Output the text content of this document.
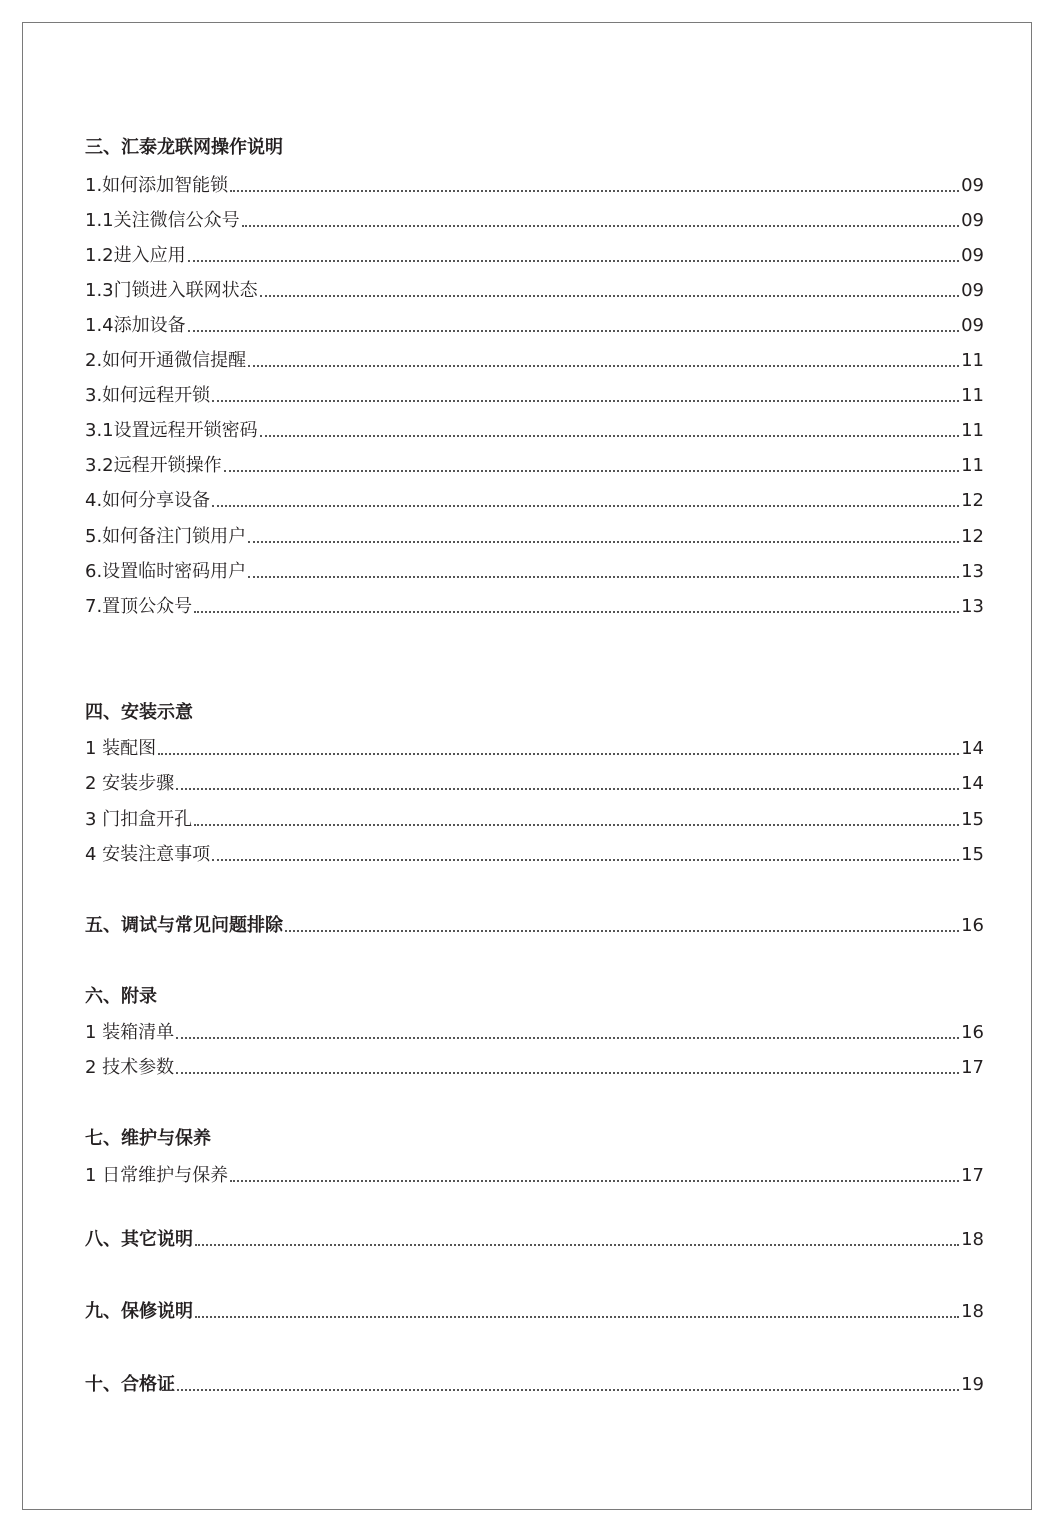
三、汇泰龙联网操作说明
1.如何添加智能锁	09
1.1关注微信公众号	09
1.2进入应用	09
1.3门锁进入联网状态	09
1.4添加设备	09
2.如何开通微信提醒	11
3.如何远程开锁	11
3.1设置远程开锁密码	11
3.2远程开锁操作	11
4.如何分享设备	12
5.如何备注门锁用户	12
6.设置临时密码用户	13
7.置顶公众号	13
四、安装示意
1 装配图	14
2 安装步骤	14
3 门扣盒开孔	15
4 安装注意事项	15
五、调试与常见问题排除	16
六、附录
1 装箱清单	16
2 技术参数	17
七、维护与保养
1 日常维护与保养	17
八、其它说明	18
九、保修说明	18
十、合格证	19
